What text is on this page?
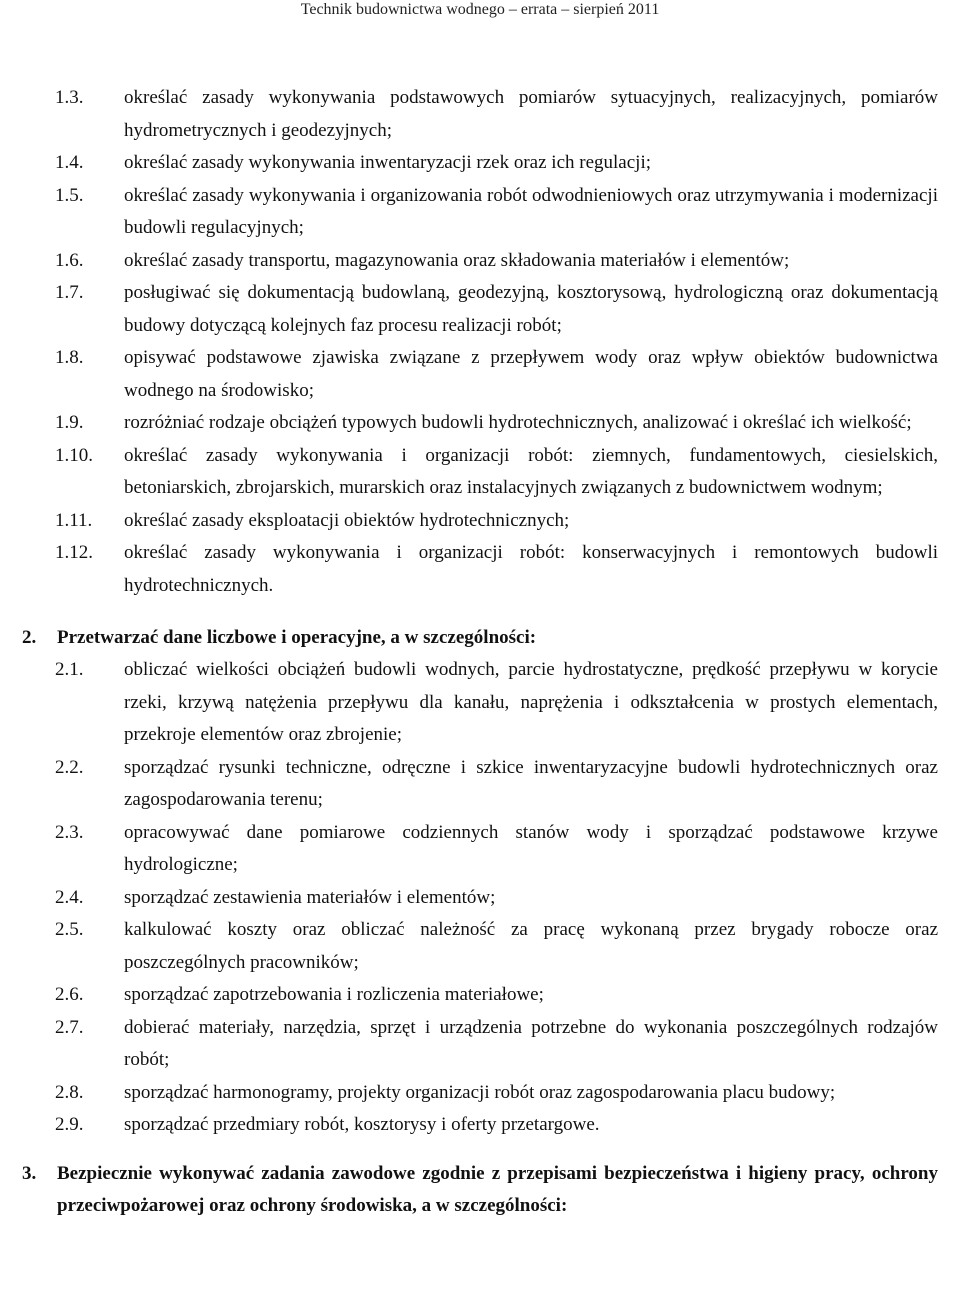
Technik budownictwa wodnego – errata – sierpień 2011
1.3. określać zasady wykonywania podstawowych pomiarów sytuacyjnych, realizacyjnych, pomiarów hydrometrycznych i geodezyjnych;
1.4. określać zasady wykonywania inwentaryzacji rzek oraz ich regulacji;
1.5. określać zasady wykonywania i organizowania robót odwodnieniowych oraz utrzymywania i modernizacji budowli regulacyjnych;
1.6. określać zasady transportu, magazynowania oraz składowania materiałów i elementów;
1.7. posługiwać się dokumentacją budowlaną, geodezyjną, kosztorysową, hydrologiczną oraz dokumentacją budowy dotyczącą kolejnych faz procesu realizacji robót;
1.8. opisywać podstawowe zjawiska związane z przepływem wody oraz wpływ obiektów budownictwa wodnego na środowisko;
1.9. rozróżniać rodzaje obciążeń typowych budowli hydrotechnicznych, analizować i określać ich wielkość;
1.10. określać zasady wykonywania i organizacji robót: ziemnych, fundamentowych, ciesielskich, betoniarskich, zbrojarskich, murarskich oraz instalacyjnych związanych z budownictwem wodnym;
1.11. określać zasady eksploatacji obiektów hydrotechnicznych;
1.12. określać zasady wykonywania i organizacji robót: konserwacyjnych i remontowych budowli hydrotechnicznych.
2. Przetwarzać dane liczbowe i operacyjne, a w szczególności:
2.1. obliczać wielkości obciążeń budowli wodnych, parcie hydrostatyczne, prędkość przepływu w korycie rzeki, krzywą natężenia przepływu dla kanału, naprężenia i odkształcenia w prostych elementach, przekroje elementów oraz zbrojenie;
2.2. sporządzać rysunki techniczne, odręczne i szkice inwentaryzacyjne budowli hydrotechnicznych oraz zagospodarowania terenu;
2.3. opracowywać dane pomiarowe codziennych stanów wody i sporządzać podstawowe krzywe hydrologiczne;
2.4. sporządzać zestawienia materiałów i elementów;
2.5. kalkulować koszty oraz obliczać należność za pracę wykonaną przez brygady robocze oraz poszczególnych pracowników;
2.6. sporządzać zapotrzebowania i rozliczenia materiałowe;
2.7. dobierać materiały, narzędzia, sprzęt i urządzenia potrzebne do wykonania poszczególnych rodzajów robót;
2.8. sporządzać harmonogramy, projekty organizacji robót oraz zagospodarowania placu budowy;
2.9. sporządzać przedmiary robót, kosztorysy i oferty przetargowe.
3. Bezpiecznie wykonywać zadania zawodowe zgodnie z przepisami bezpieczeństwa i higieny pracy, ochrony przeciwpożarowej oraz ochrony środowiska, a w szczególności:
